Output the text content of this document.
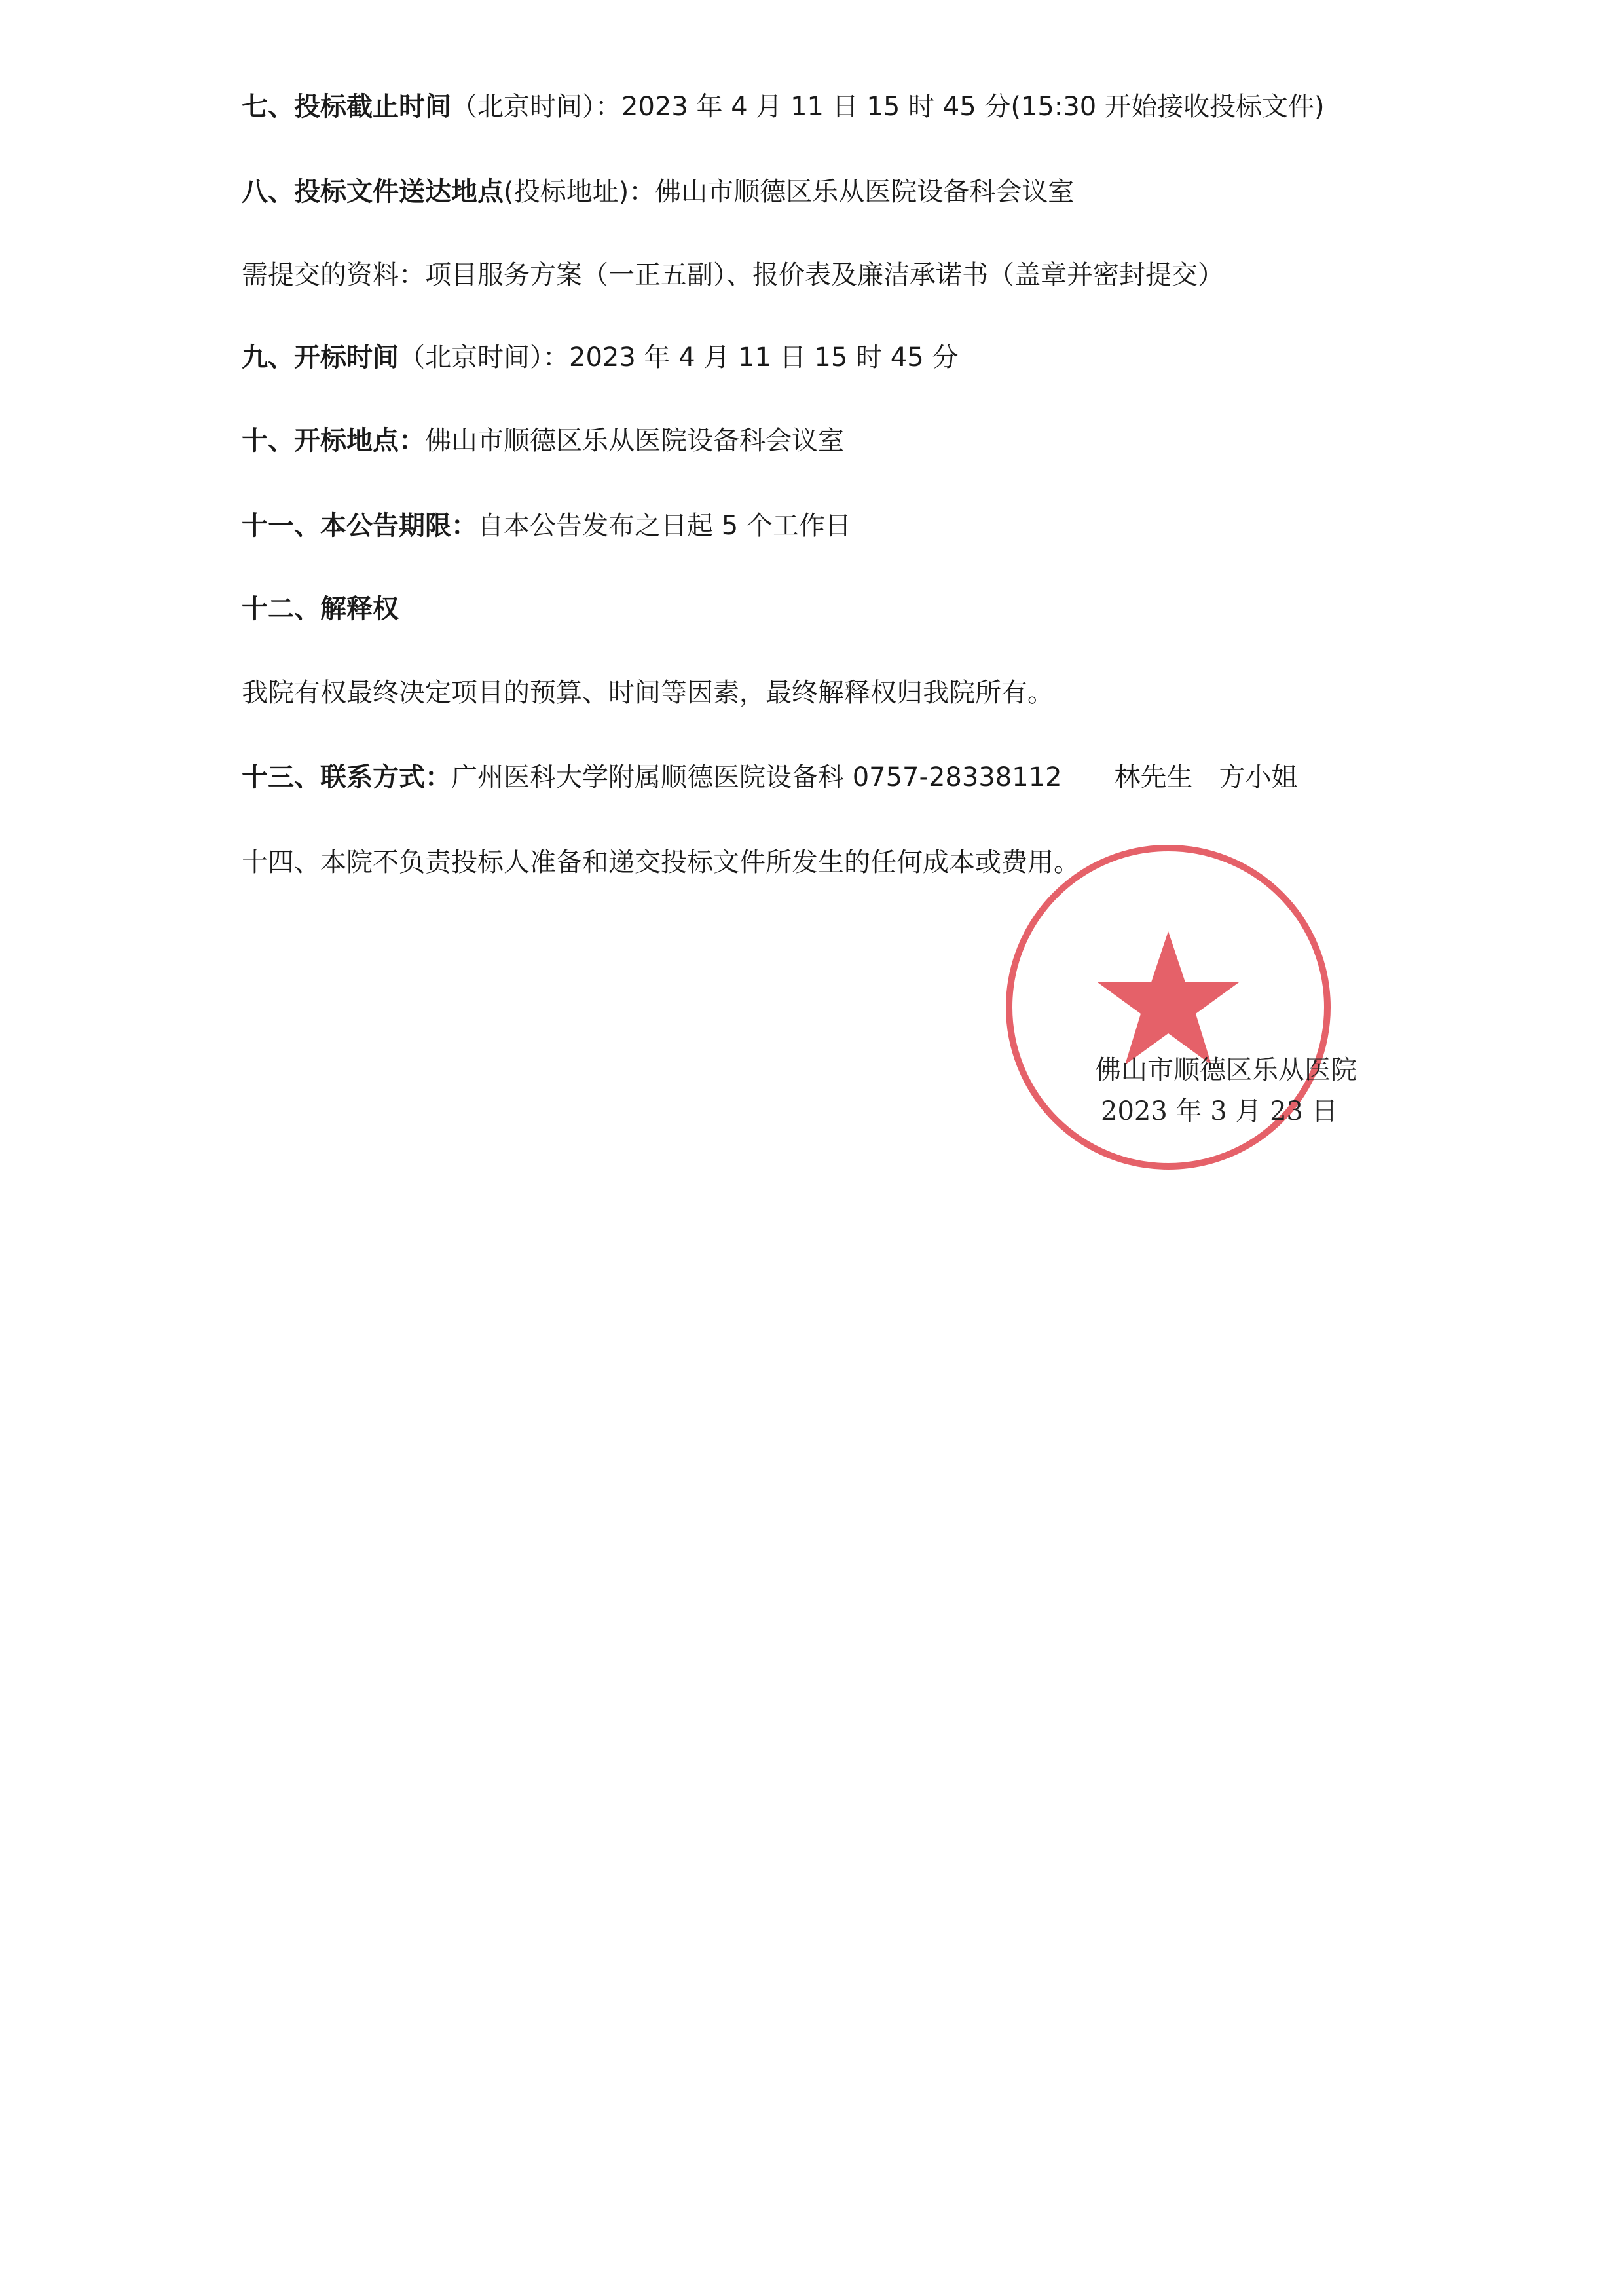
七、投标截止时间（北京时间）：2023 年 4 月 11 日 15 时 45 分(15:30 开始接收投标文件)
八、投标文件送达地点(投标地址)：佛山市顺德区乐从医院设备科会议室
需提交的资料：项目服务方案（一正五副）、报价表及廉洁承诺书（盖章并密封提交）
九、开标时间（北京时间）：2023 年 4 月 11 日 15 时 45 分
十、开标地点：佛山市顺德区乐从医院设备科会议室
十一、本公告期限：自本公告发布之日起 5 个工作日
十二、解释权
我院有权最终决定项目的预算、时间等因素，最终解释权归我院所有。
十三、联系方式：广州医科大学附属顺德医院设备科 0757-28338112　　林先生　方小姐
十四、本院不负责投标人准备和递交投标文件所发生的任何成本或费用。
佛山市顺德区乐从医院
2023 年 3 月 23 日
